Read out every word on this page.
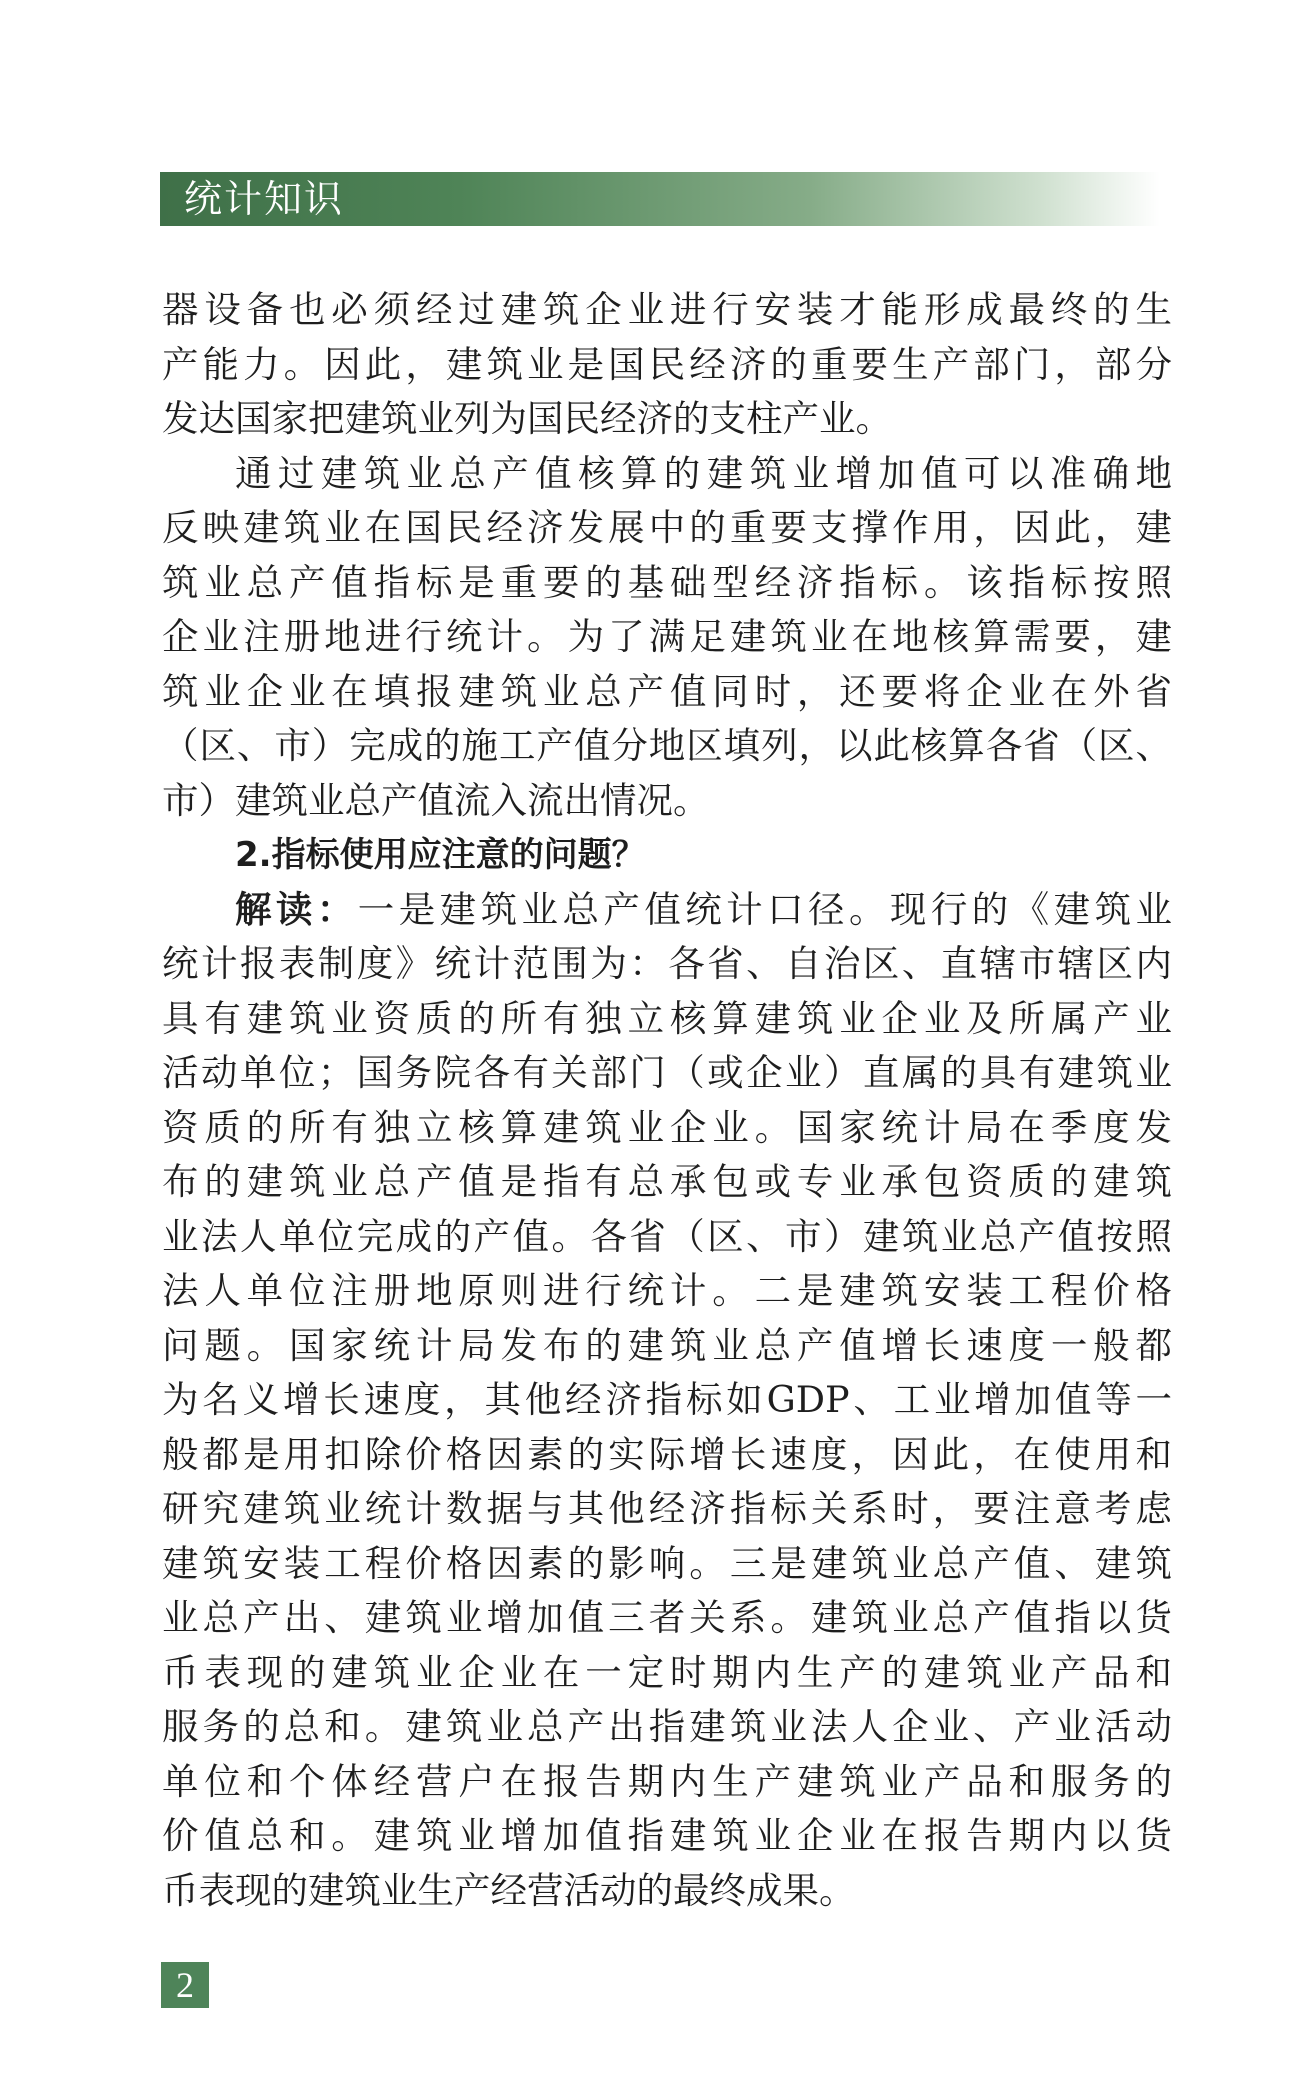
统计知识
器设备也必须经过建筑企业进行安装才能形成最终的生
产能力。因此，建筑业是国民经济的重要生产部门，部分
发达国家把建筑业列为国民经济的支柱产业。
通过建筑业总产值核算的建筑业增加值可以准确地
反映建筑业在国民经济发展中的重要支撑作用，因此，建
筑业总产值指标是重要的基础型经济指标。该指标按照
企业注册地进行统计。为了满足建筑业在地核算需要，建
筑业企业在填报建筑业总产值同时，还要将企业在外省
（区、市）完成的施工产值分地区填列，以此核算各省（区、
市）建筑业总产值流入流出情况。
2.指标使用应注意的问题？
解读：一是建筑业总产值统计口径。现行的《建筑业
统计报表制度》统计范围为：各省、自治区、直辖市辖区内
具有建筑业资质的所有独立核算建筑业企业及所属产业
活动单位；国务院各有关部门（或企业）直属的具有建筑业
资质的所有独立核算建筑业企业。国家统计局在季度发
布的建筑业总产值是指有总承包或专业承包资质的建筑
业法人单位完成的产值。各省（区、市）建筑业总产值按照
法人单位注册地原则进行统计。二是建筑安装工程价格
问题。国家统计局发布的建筑业总产值增长速度一般都
为名义增长速度，其他经济指标如GDP、工业增加值等一
般都是用扣除价格因素的实际增长速度，因此，在使用和
研究建筑业统计数据与其他经济指标关系时，要注意考虑
建筑安装工程价格因素的影响。三是建筑业总产值、建筑
业总产出、建筑业增加值三者关系。建筑业总产值指以货
币表现的建筑业企业在一定时期内生产的建筑业产品和
服务的总和。建筑业总产出指建筑业法人企业、产业活动
单位和个体经营户在报告期内生产建筑业产品和服务的
价值总和。建筑业增加值指建筑业企业在报告期内以货
币表现的建筑业生产经营活动的最终成果。
2
